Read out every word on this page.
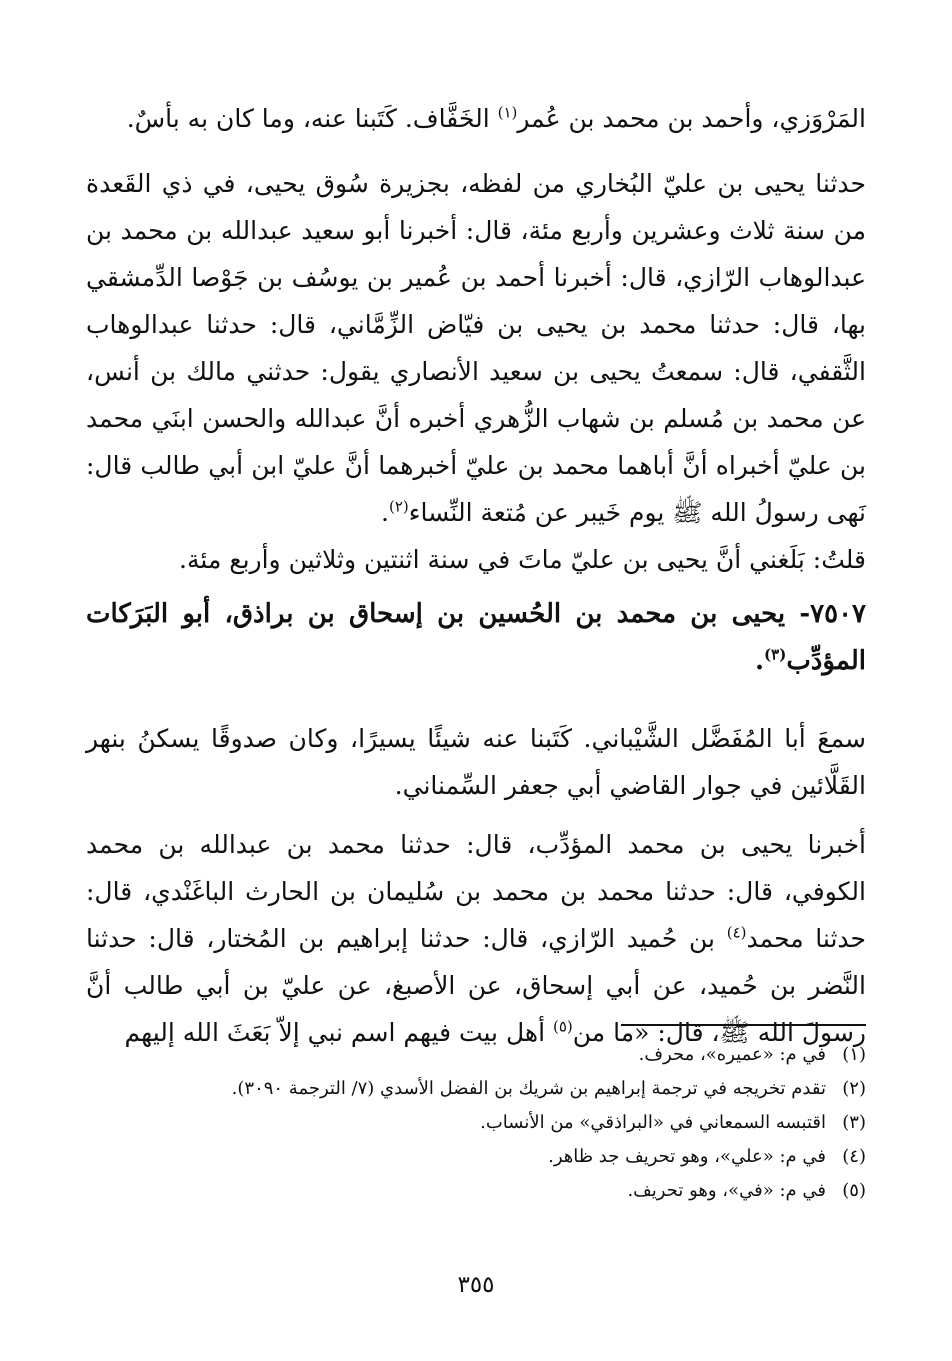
المَرْوَزي، وأحمد بن محمد بن عُمر$^{(١)}$ الخَفَّاف. كَتَبنا عنه، وما كان به بأسٌ.

حدثنا يحيى بن عليّ البُخاري من لفظه، بجزيرة سُوق يحيى، في ذي القَعدة من سنة ثلاث وعشرين وأربع مئة، قال: أخبرنا أبو سعيد عبدالله بن محمد بن عبدالوهاب الرّازي، قال: أخبرنا أحمد بن عُمير بن يوسُف بن جَوْصا الدِّمشقي بها، قال: حدثنا محمد بن يحيى بن فيّاض الزِّمَّاني، قال: حدثنا عبدالوهاب الثَّقفي، قال: سمعتُ يحيى بن سعيد الأنصاري يقول: حدثني مالك بن أنس، عن محمد بن مُسلم بن شهاب الزُّهري أخبره أنَّ عبدالله والحسن ابنَي محمد بن عليّ أخبراه أنَّ أباهما محمد بن عليّ أخبرهما أنَّ عليّ ابن أبي طالب قال: نَهى رسولُ الله ﷺ يوم خَيبر عن مُتعة النِّساء$^{(٢)}$.

قلتُ: بَلَغني أنَّ يحيى بن عليّ ماتَ في سنة اثنتين وثلاثين وأربع مئة.

٧٥٠٧- يحيى بن محمد بن الحُسين بن إسحاق بن براذق، أبو البَرَكات المؤدِّب$^{(٣)}$.

سمعَ أبا المُفَضَّل الشَّيْباني. كَتَبنا عنه شيئًا يسيرًا، وكان صدوقًا يسكنُ بنهر القَلَّائين في جوار القاضي أبي جعفر السِّمناني.

أخبرنا يحيى بن محمد المؤدِّب، قال: حدثنا محمد بن عبدالله بن محمد الكوفي، قال: حدثنا محمد بن محمد بن سُليمان بن الحارث الباغَنْدي، قال: حدثنا محمد$^{(٤)}$ بن حُميد الرّازي، قال: حدثنا إبراهيم بن المُختار، قال: حدثنا النَّضر بن حُميد، عن أبي إسحاق، عن الأصبغ، عن عليّ بن أبي طالب أنَّ رسولَ الله ﷺ، قال: «ما من$^{(٥)}$ أهل بيت فيهم اسم نبي إلاّ بَعَثَ الله إليهم

(١)
في م: «عميره»، محرف.
(٢)
تقدم تخريجه في ترجمة إبراهيم بن شريك بن الفضل الأسدي (٧/ الترجمة ٣٠٩٠).
(٣)
اقتبسه السمعاني في «البراذقي» من الأنساب.
(٤)
في م: «علي»، وهو تحريف جد ظاهر.
(٥)
في م: «في»، وهو تحريف.
٣٥٥
